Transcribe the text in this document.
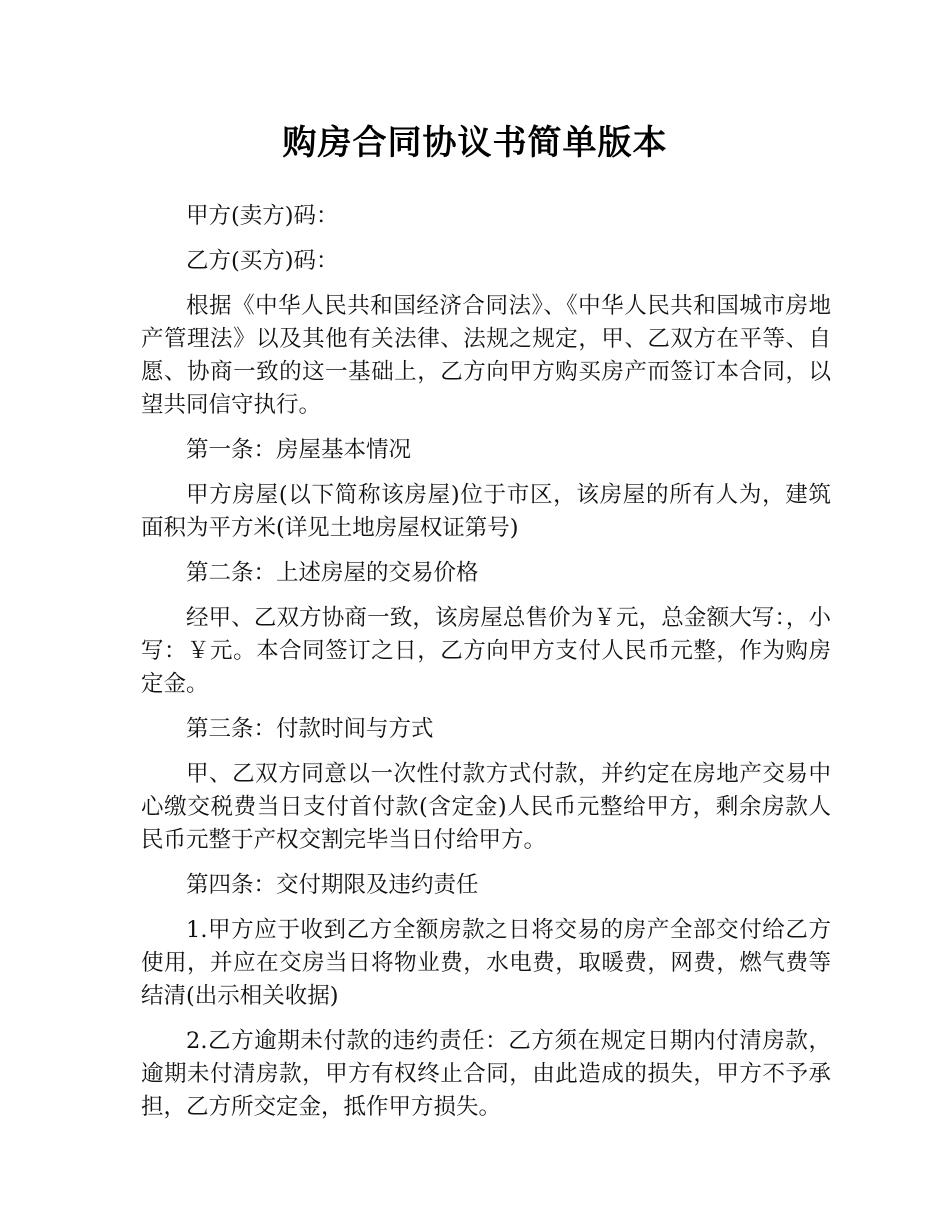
购房合同协议书简单版本

甲方(卖方)码：

乙方(买方)码：

根据《中华人民共和国经济合同法》、《中华人民共和国城市房地产管理法》以及其他有关法律、法规之规定，甲、乙双方在平等、自愿、协商一致的这一基础上，乙方向甲方购买房产而签订本合同，以望共同信守执行。

第一条：房屋基本情况

甲方房屋(以下简称该房屋)位于市区，该房屋的所有人为，建筑面积为平方米(详见土地房屋权证第号)

第二条：上述房屋的交易价格

经甲、乙双方协商一致，该房屋总售价为￥元，总金额大写：，小写：￥元。本合同签订之日，乙方向甲方支付人民币元整，作为购房定金。

第三条：付款时间与方式

甲、乙双方同意以一次性付款方式付款，并约定在房地产交易中心缴交税费当日支付首付款(含定金)人民币元整给甲方，剩余房款人民币元整于产权交割完毕当日付给甲方。

第四条：交付期限及违约责任

1.甲方应于收到乙方全额房款之日将交易的房产全部交付给乙方使用，并应在交房当日将物业费，水电费，取暖费，网费，燃气费等结清(出示相关收据)

2.乙方逾期未付款的违约责任：乙方须在规定日期内付清房款，逾期未付清房款，甲方有权终止合同，由此造成的损失，甲方不予承担，乙方所交定金，抵作甲方损失。
